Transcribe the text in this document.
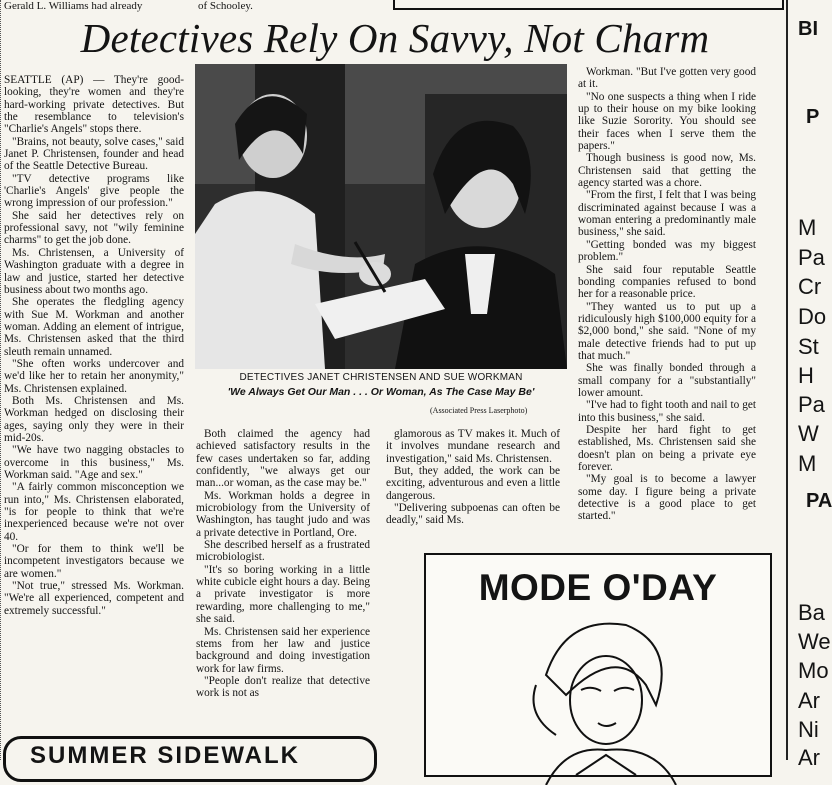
Gerald L. Williams had already	of Schooley.
Detectives Rely On Savvy, Not Charm

SEATTLE (AP) — They're good-looking, they're women and they're hard-working private detectives. But the resemblance to television's "Charlie's Angels" stops there.

"Brains, not beauty, solve cases," said Janet P. Christensen, founder and head of the Seattle Detective Bureau.

"TV detective programs like 'Charlie's Angels' give people the wrong impression of our profession."

She said her detectives rely on professional savy, not "wily feminine charms" to get the job done.

Ms. Christensen, a University of Washington graduate with a degree in law and justice, started her detective business about two months ago.

She operates the fledgling agency with Sue M. Workman and another woman. Adding an element of intrigue, Ms. Christensen asked that the third sleuth remain unnamed.

"She often works undercover and we'd like her to retain her anonymity," Ms. Christensen explained.

Both Ms. Christensen and Ms. Workman hedged on disclosing their ages, saying only they were in their mid-20s.

"We have two nagging obstacles to overcome in this business," Ms. Workman said. "Age and sex."

"A fairly common misconception we run into," Ms. Christensen elaborated, "is for people to think that we're inexperienced because we're not over 40.

"Or for them to think we'll be incompetent investigators because we are women."

"Not true," stressed Ms. Workman. "We're all experienced, competent and extremely successful."

DETECTIVES JANET CHRISTENSEN AND SUE WORKMAN
'We Always Get Our Man . . . Or Woman, As The Case May Be'
(Associated Press Laserphoto)

Both claimed the agency had achieved satisfactory results in the few cases undertaken so far, adding confidently, "we always get our man...or woman, as the case may be."

Ms. Workman holds a degree in microbiology from the University of Washington, has taught judo and was a private detective in Portland, Ore.

She described herself as a frustrated microbiologist.

"It's so boring working in a little white cubicle eight hours a day. Being a private investigator is more rewarding, more challenging to me," she said.

Ms. Christensen said her experience stems from her law and justice background and doing investigation work for law firms.

"People don't realize that detective work is not as

glamorous as TV makes it. Much of it involves mundane research and investigation," said Ms. Christensen.

But, they added, the work can be exciting, adventurous and even a little dangerous.

"Delivering subpoenas can often be deadly," said Ms.

Workman. "But I've gotten very good at it.

"No one suspects a thing when I ride up to their house on my bike looking like Suzie Sorority. You should see their faces when I serve them the papers."

Though business is good now, Ms. Christensen said that getting the agency started was a chore.

"From the first, I felt that I was being discriminated against because I was a woman entering a predominantly male business," she said.

"Getting bonded was my biggest problem."

She said four reputable Seattle bonding companies refused to bond her for a reasonable price.

"They wanted us to put up a ridiculously high $100,000 equity for a $2,000 bond," she said. "None of my male detective friends had to put up that much."

She was finally bonded through a small company for a "substantially" lower amount.

"I've had to fight tooth and nail to get into this business," she said.

Despite her hard fight to get established, Ms. Christensen said she doesn't plan on being a private eye forever.

"My goal is to become a lawyer some day. I figure being a private detective is a good place to get started."

MODE O'DAY
SUMMER SIDEWALK
BI
P
M
Pa
Cr
Do
St
H
Pa
W
M
PA
Ba
We
Mo
Ar
Ni
Ar
